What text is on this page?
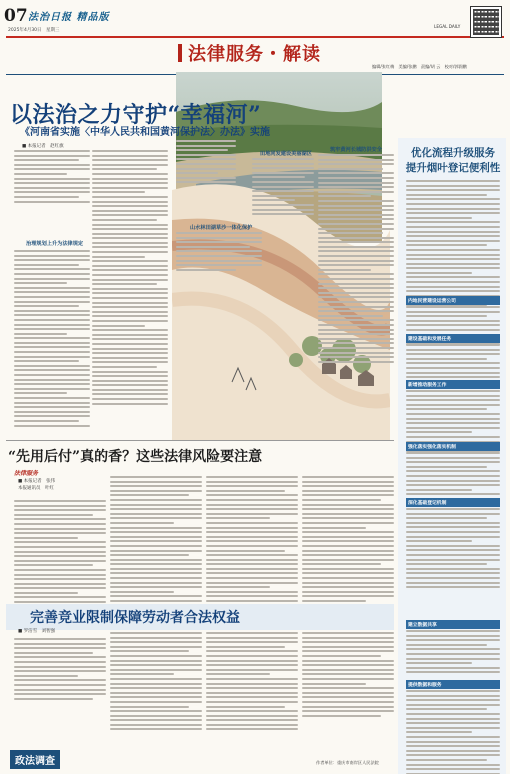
07 法治日报 精品版
2025年4月30日　星期三
法律服务・解读
LEGAL DAILY
编辑/张红梅　美编/张鹏　责编/胡 云　校对/郭润鹏
以法治之力守护“幸福河”
《河南省实施〈中华人民共和国黄河保护法〉办法》实施
■ 本报记者　赵红旗
治理规划上升为法律规定
山水林田湖草沙一体化保护
田地同发建设美丽湖区
筑牢黄河长城防洪安全	优化流程升级服务
提升烟叶登记便利性
内地民营建设运营公司
建设基础和发展任务
新增推动服务工作
强化落实强化落实机制
深化基础登记机制
建立数据共享
提供数据和服务
“先用后付”真的香？这些法律风险要注意
法律服务
■ 本报记者　张伟
本报通讯员　叶红
完善竞业限制保障劳动者合法权益
■ 罗洁雪　刘智强
政法调查	作者单位：重庆市南岸区人民法院
